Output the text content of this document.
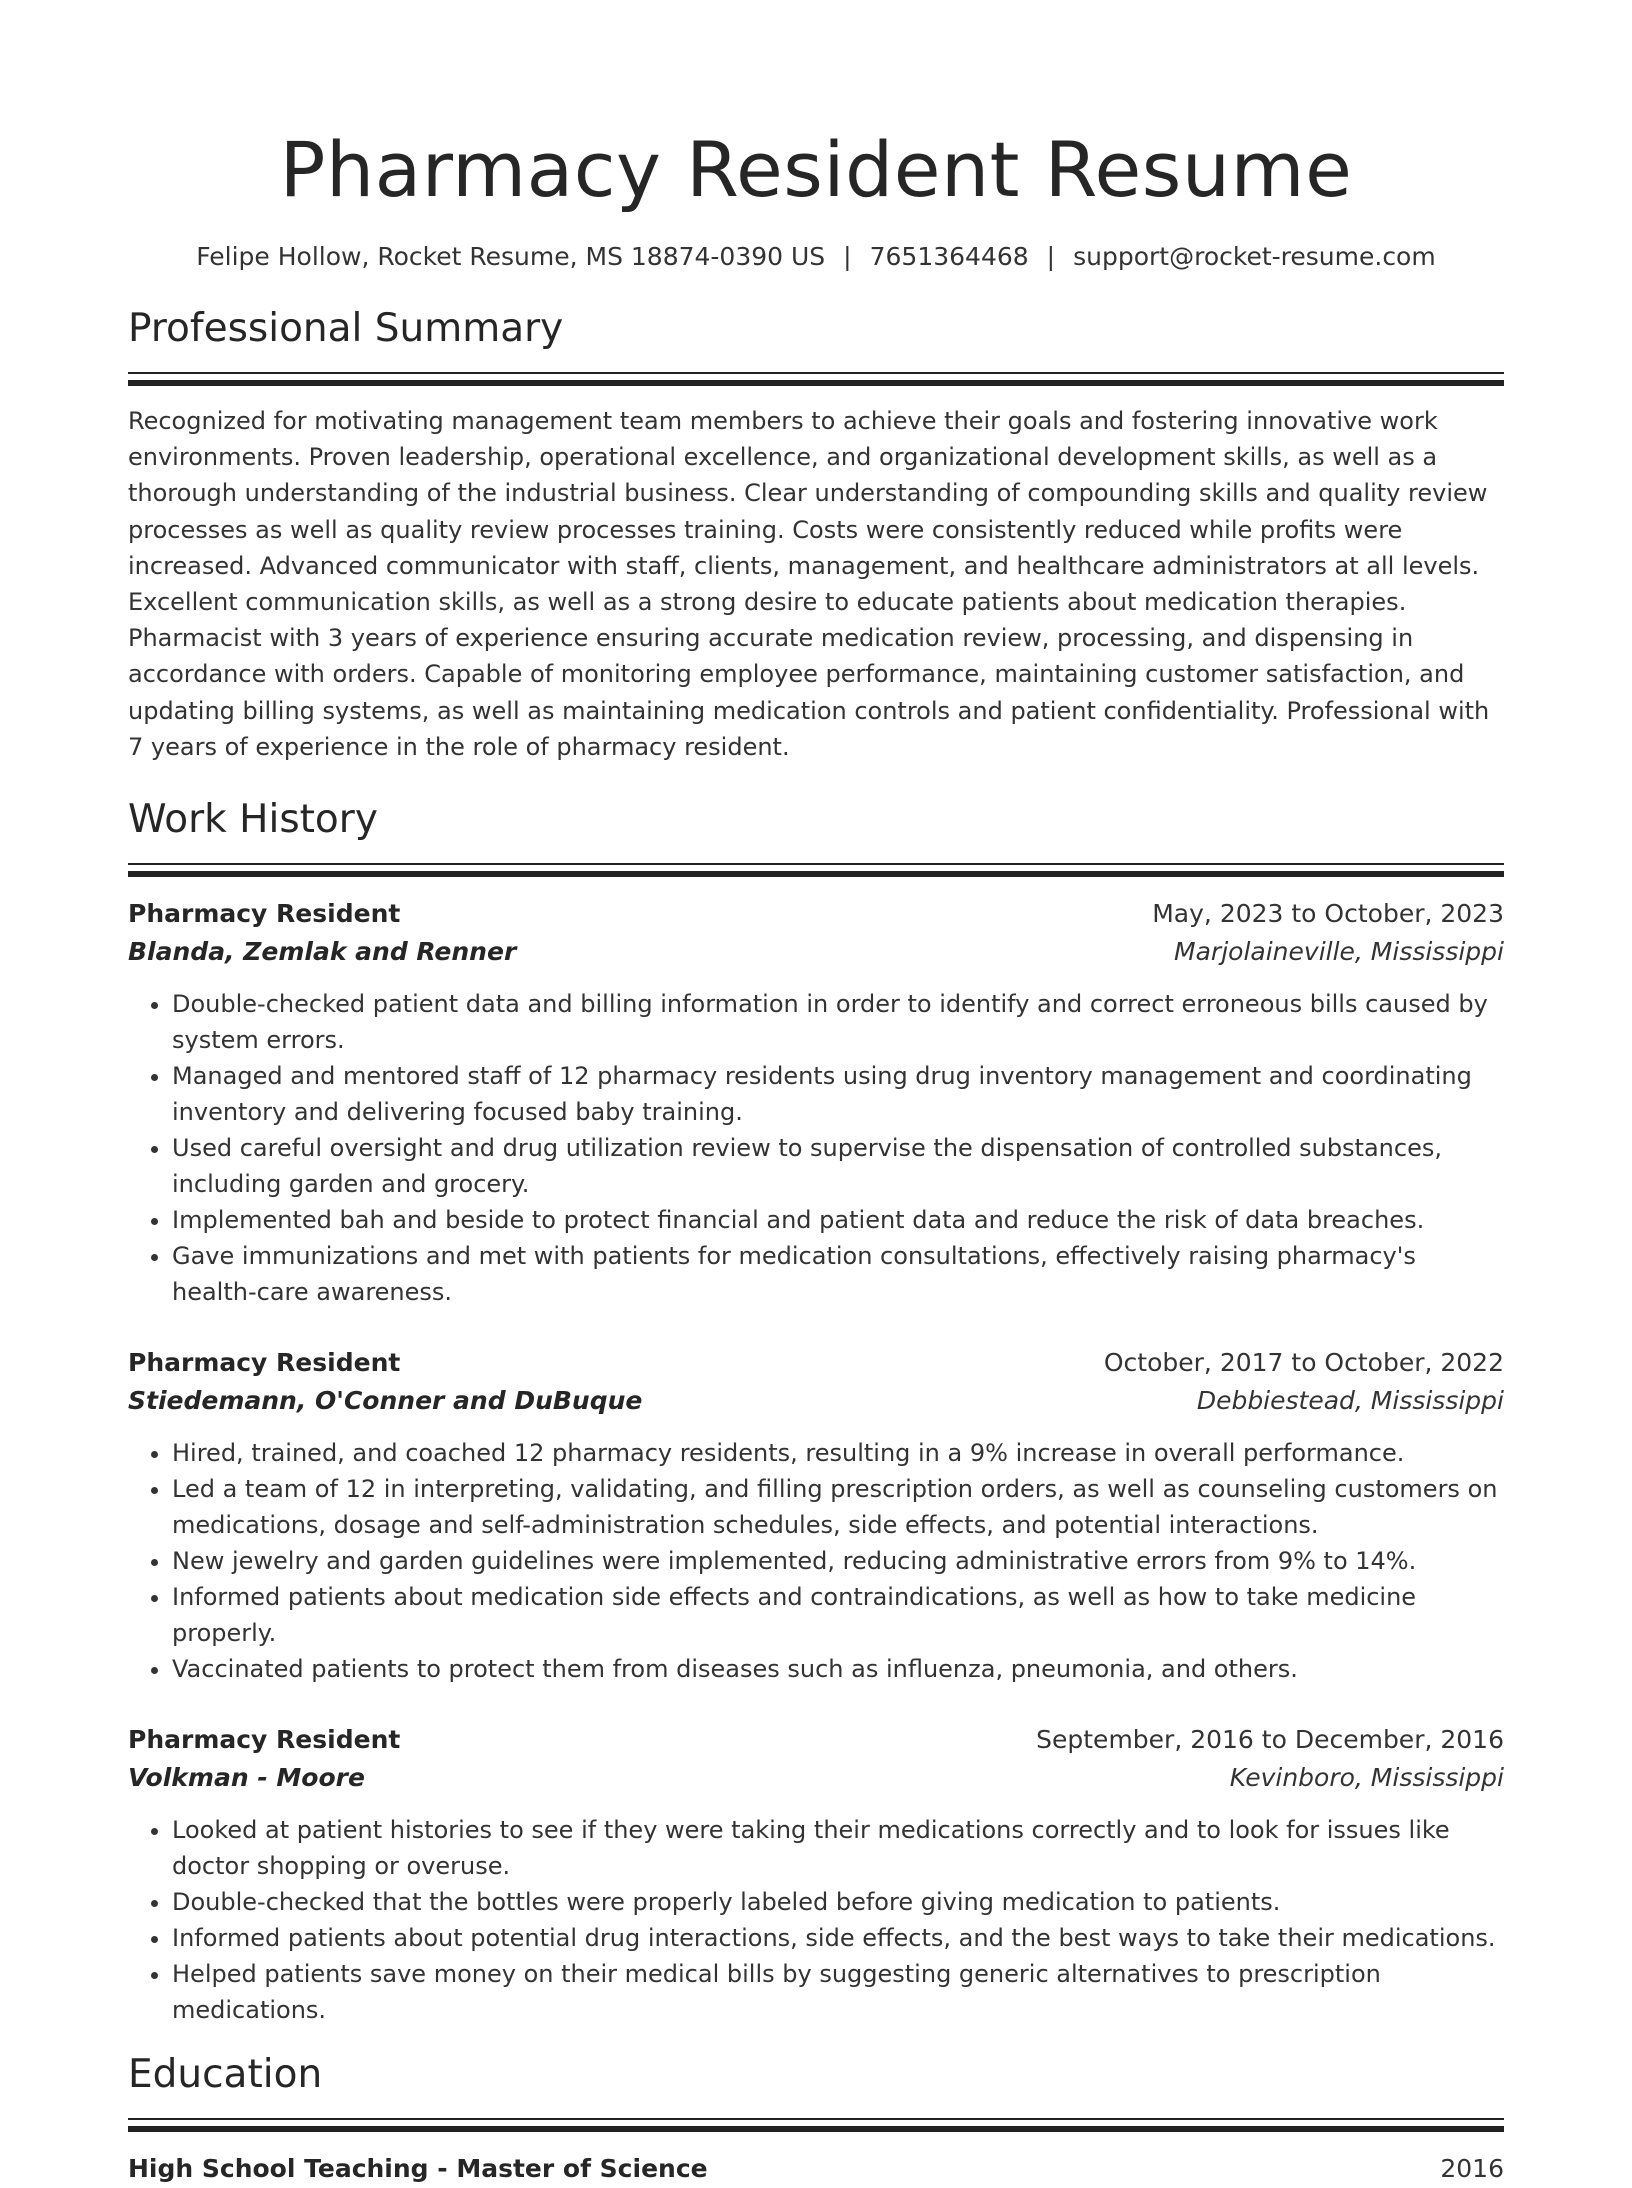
Pharmacy Resident Resume
Felipe Hollow, Rocket Resume, MS 18874-0390 US | 7651364468 | support@rocket-resume.com
Professional Summary

Recognized for motivating management team members to achieve their goals and fostering innovative work environments. Proven leadership, operational excellence, and organizational development skills, as well as a thorough understanding of the industrial business. Clear understanding of compounding skills and quality review processes as well as quality review processes training. Costs were consistently reduced while profits were increased. Advanced communicator with staff, clients, management, and healthcare administrators at all levels. Excellent communication skills, as well as a strong desire to educate patients about medication therapies. Pharmacist with 3 years of experience ensuring accurate medication review, processing, and dispensing in accordance with orders. Capable of monitoring employee performance, maintaining customer satisfaction, and updating billing systems, as well as maintaining medication controls and patient confidentiality. Professional with 7 years of experience in the role of pharmacy resident.

Work History
Pharmacy Resident	May, 2023 to October, 2023
Blanda, Zemlak and Renner	Marjolaineville, Mississippi
• Double-checked patient data and billing information in order to identify and correct erroneous bills caused by system errors.
• Managed and mentored staff of 12 pharmacy residents using drug inventory management and coordinating inventory and delivering focused baby training.
• Used careful oversight and drug utilization review to supervise the dispensation of controlled substances, including garden and grocery.
• Implemented bah and beside to protect financial and patient data and reduce the risk of data breaches.
• Gave immunizations and met with patients for medication consultations, effectively raising pharmacy's health-care awareness.
Pharmacy Resident	October, 2017 to October, 2022
Stiedemann, O'Conner and DuBuque	Debbiestead, Mississippi
• Hired, trained, and coached 12 pharmacy residents, resulting in a 9% increase in overall performance.
• Led a team of 12 in interpreting, validating, and filling prescription orders, as well as counseling customers on medications, dosage and self-administration schedules, side effects, and potential interactions.
• New jewelry and garden guidelines were implemented, reducing administrative errors from 9% to 14%.
• Informed patients about medication side effects and contraindications, as well as how to take medicine properly.
• Vaccinated patients to protect them from diseases such as influenza, pneumonia, and others.
Pharmacy Resident	September, 2016 to December, 2016
Volkman - Moore	Kevinboro, Mississippi
• Looked at patient histories to see if they were taking their medications correctly and to look for issues like doctor shopping or overuse.
• Double-checked that the bottles were properly labeled before giving medication to patients.
• Informed patients about potential drug interactions, side effects, and the best ways to take their medications.
• Helped patients save money on their medical bills by suggesting generic alternatives to prescription medications.
Education
High School Teaching - Master of Science	2016
